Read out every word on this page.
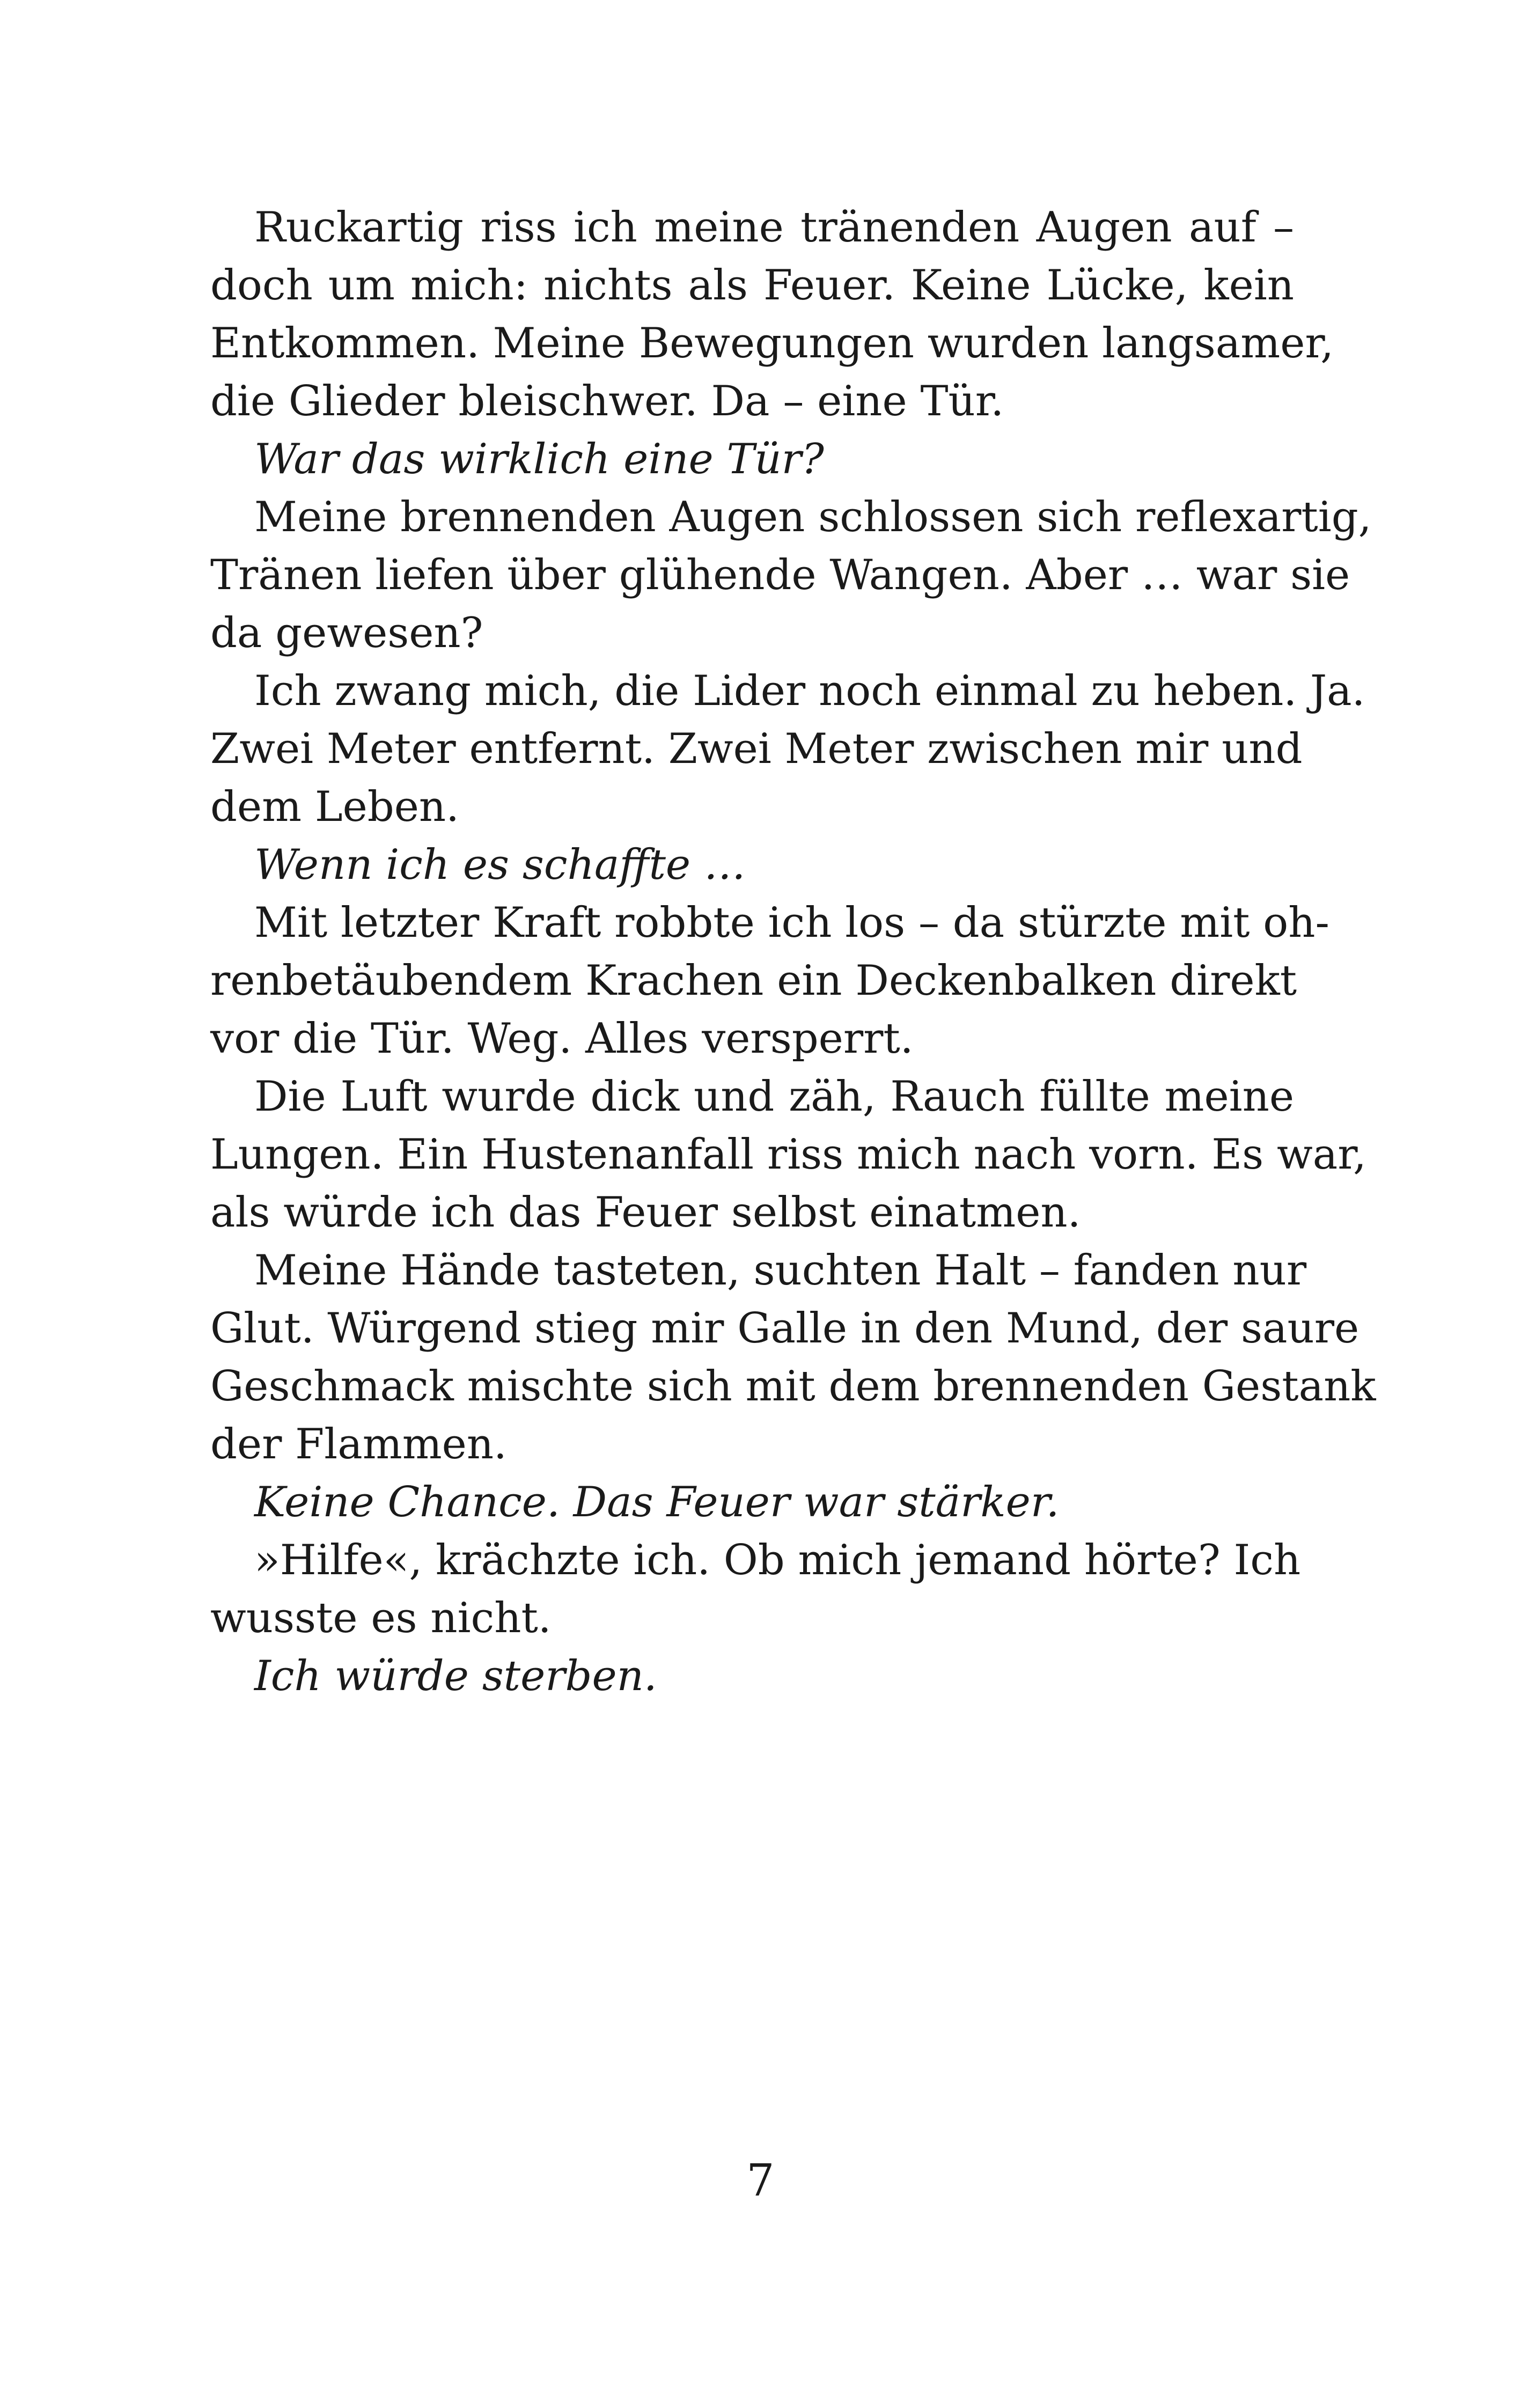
Ruckartig riss ich meine tränenden Augen auf –
doch um mich: nichts als Feuer. Keine Lücke, kein
Entkommen. Meine Bewegungen wurden langsamer,
die Glieder bleischwer. Da – eine Tür.

War das wirklich eine Tür?

Meine brennenden Augen schlossen sich reflexartig,
Tränen liefen über glühende Wangen. Aber … war sie
da gewesen?

Ich zwang mich, die Lider noch einmal zu heben. Ja.
Zwei Meter entfernt. Zwei Meter zwischen mir und
dem Leben.

Wenn ich es schaffte …

Mit letzter Kraft robbte ich los – da stürzte mit oh-
renbetäubendem Krachen ein Deckenbalken direkt
vor die Tür. Weg. Alles versperrt.

Die Luft wurde dick und zäh, Rauch füllte meine
Lungen. Ein Hustenanfall riss mich nach vorn. Es war,
als würde ich das Feuer selbst einatmen.

Meine Hände tasteten, suchten Halt – fanden nur
Glut. Würgend stieg mir Galle in den Mund, der saure
Geschmack mischte sich mit dem brennenden Gestank
der Flammen.

Keine Chance. Das Feuer war stärker.

»Hilfe«, krächzte ich. Ob mich jemand hörte? Ich
wusste es nicht.

Ich würde sterben.

7
